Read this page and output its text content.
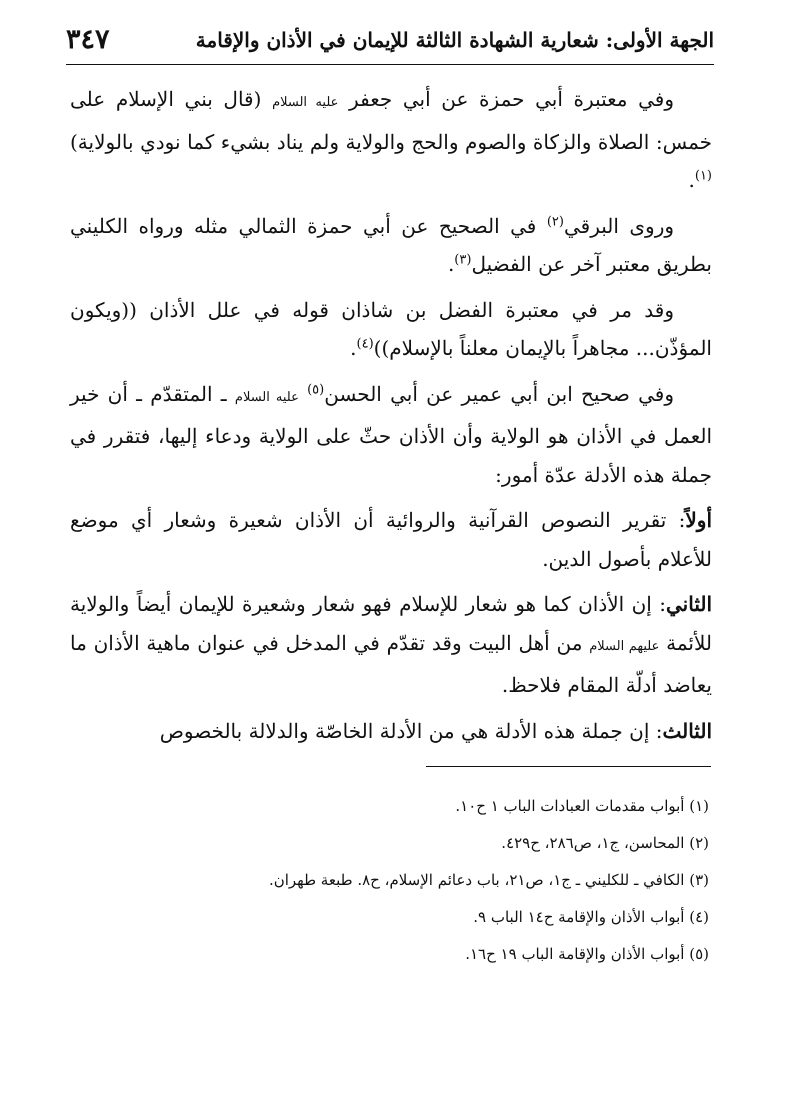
الجهة الأولى: شعارية الشهادة الثالثة للإيمان في الأذان والإقامة
٣٤٧

وفي معتبرة أبي حمزة عن أبي جعفر عليه السلام (قال بني الإسلام على خمس: الصلاة والزكاة والصوم والحج والولاية ولم يناد بشيء كما نودي بالولاية)$^{(١)}$.

وروى البرقي$^{(٢)}$ في الصحيح عن أبي حمزة الثمالي مثله ورواه الكليني بطريق معتبر آخر عن الفضيل$^{(٣)}$.

وقد مر في معتبرة الفضل بن شاذان قوله في علل الأذان ((ويكون المؤذّن... مجاهراً بالإيمان معلناً بالإسلام))$^{(٤)}$.

وفي صحيح ابن أبي عمير عن أبي الحسن$^{(٥)}$ عليه السلام ـ المتقدّم ـ أن خير العمل في الأذان هو الولاية وأن الأذان حثّ على الولاية ودعاء إليها، فتقرر في جملة هذه الأدلة عدّة أمور:

أولاً: تقرير النصوص القرآنية والروائية أن الأذان شعيرة وشعار أي موضع للأعلام بأصول الدين.

الثاني: إن الأذان كما هو شعار للإسلام فهو شعار وشعيرة للإيمان أيضاً والولاية للأئمة عليهم السلام من أهل البيت وقد تقدّم في المدخل في عنوان ماهية الأذان ما يعاضد أدلّة المقام فلاحظ.

الثالث: إن جملة هذه الأدلة هي من الأدلة الخاصّة والدلالة بالخصوص

(١) أبواب مقدمات العبادات الباب ١ ح١٠.
(٢) المحاسن، ج١، ص٢٨٦، ح٤٢٩.
(٣) الكافي ـ للكليني ـ ج١، ص٢١، باب دعائم الإسلام، ح٨. طبعة طهران.
(٤) أبواب الأذان والإقامة ح١٤ الباب ٩.
(٥) أبواب الأذان والإقامة الباب ١٩ ح١٦.
